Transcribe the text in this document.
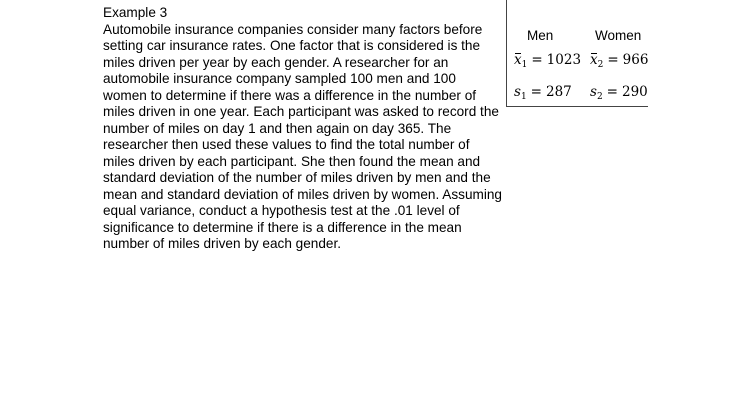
Example 3

Automobile insurance companies consider many factors before setting car insurance rates. One factor that is considered is the miles driven per year by each gender. A researcher for an automobile insurance company sampled 100 men and 100 women to determine if there was a difference in the number of miles driven in one year. Each participant was asked to record the number of miles on day 1 and then again on day 365. The researcher then used these values to find the total number of miles driven by each participant. She then found the mean and standard deviation of the number of miles driven by men and the mean and standard deviation of miles driven by women. Assuming equal variance, conduct a hypothesis test at the .01 level of significance to determine if there is a difference in the mean number of miles driven by each gender.

Men	Women
$x_1 = 1023$ $x_2 = 966$
$s_1 = 287$ $s_2 = 290$
